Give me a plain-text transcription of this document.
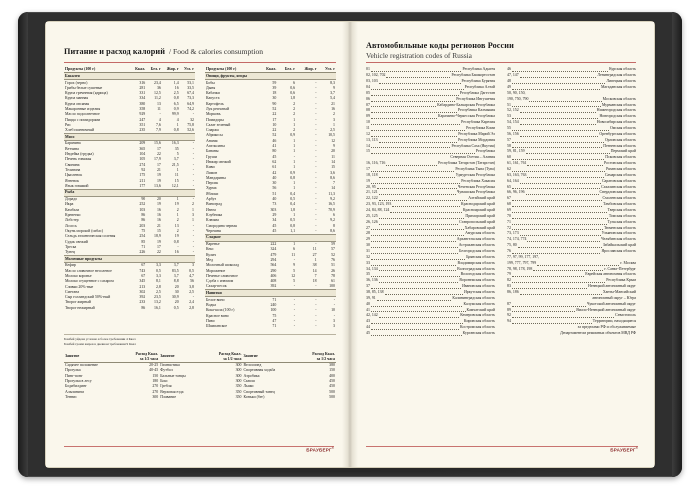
Питание и расход калорий / Food & calories consumption
Продукты (100 г)	Ккал.	Бел. г	Жир. г	Угл. г
Бакалея				
Горох (зерно)	316	23,4	1,4	53,1
Грибы белые сушеные	281	36	16	33,5
Крупа гречневая (ядрица)	331	12,5	2,5	67,4
Крупа манная	334	11,2	0,8	73,3
Крупа овсяная	380	13	6,5	64,9
Макаронные изделия	358	11	0,9	74,2
Масло подсолнечное	929	-	99,9	-
Пицца с помидорами	247	4	4	32
Рис	351	7,6	1	75,8
Хлеб пшеничный	235	7,9	0,8	52,6
Мясо				
Баранина	209	15,6	16,3	-
Ветчина	365	17	35	-
Индейка (грудка)	104	22	5	-
Печень говяжья	105	17,9	3,7	-
Свинина	274	17	21,5	-
Телятина	92	21	1	-
Цыпленок	175	19	11	-
Ягненок	211	19	15	-
Язык говяжий	177	13,6	12,1	-
Рыба				
Дорадо	90	20	1	-
Икра	252	19	19	2
Камбала	103	16	2	1
Креветки	86	16	1	3
Лобстер	86	16	2	1
Лосось	203	21	13	-
Окунь морской (сибас)	75	15	2	-
Сельдь атлантическая соленая	254	18,9	19	-
Судак свежий	85	19	0,8	-
Треска	71	17	-	-
Тунец	226	22	16	-
Молочные продукты				
Кефир	67	3,3	3,7	3
Масло сливочное несоленое	743	0,5	83,5	0,5
Молоко коровье	67	3,3	3,7	4,7
Молоко сгущенное с сахаром	345	8,1	8,8	56
Сливки 20%-ные	213	2,8	20	3,8
Сметана	302	2,5	30	2,5
Сыр голландский 50%-ный	392	23,5	30,9	-
Творог жирный	233	13,2	20	2,4
Творог нежирный	86	16,1	0,5	2,8
Продукты (100 г)	Ккал.	Бел. г	Жир. г	Угл. г
Овощи, фрукты, ягоды				
Бобы	59	6	-	8,3
Дыня	39	0,6	-	9
Кабачки	18	0,6	-	3,7
Капуста	30	1,8	-	5,4
Картофель	90	2	-	21
Лук репчатый	52	2	-	16
Морковь	22	2	-	2
Помидоры	17	1	-	3
Салат зеленый	10	1	-	1
Спаржа	22	2	-	2,5
Абрикосы	52	0,9	-	10,5
Ананас	46	1	-	12
Апельсины	41	1	-	9
Бананы	80	1	-	20
Груши	45	-	-	11
Инжир свежий	62	1	-	14
Киви	61	1	-	15
Лимон	42	0,9	-	3,6
Мандарины	40	0,8	-	8,6
Персик	30	1	-	7
Хурма	56	1	-	14
Яблоки	51	0,4	-	11,3
Арбуз	40	0,5	-	9,2
Виноград	73	0,4	-	16,5
Изюм	303	1,8	-	70,9
Клубника	29	1	-	6
Клюква	34	0,5	-	9,2
Смородина черная	45	0,8	-	8
Черешня	45	1,1	-	8,6
Сладкое				
Варенье	222	1	-	59
Кекс	324	6	11	57
Кулич	479	11	27	52
Мед	294	-	1	76
Молочный шоколад	564	9	38	51
Мороженое	290	5	14	26
Печенье сливочное	406	12	7	78
Сдоба с изюмом	408	5	18	61
Сахар-песок	392	-	-	100
Напитки				
Белое вино	71	-	-	-
Водка	240	-	-	-
Кока-кола (100 г)	100	-	-	10
Красное вино	75	-	-	-
Пиво	47	-	-	3
Шампанское	71	-	-	3
Бомбей уйдена условно в более требовании 4 Ккал
Бомбей грамм жиров в дневном требовании 9 Ккал
Занятие	Расход Ккал.
за 1/2 часа	Занятие	Расход Ккал.
за 1/2 часа	Занятие	Расход Ккал.
за 1/2 часа
Сидячее положение	20-25	Гимнастика	300	Велосипед	380
Прогулка	40-45	Футбол	300	Спортивная ходьба	150
Пинг-понг	150	Бальные танцы	300	Аэробика	400
Прогулка в лесу	180	Бокс	300	Сквош	450
Бодибилдинг	270	Гребля	350	Лыжи	450
Альпинизм	270	Верховая езда	350	Спортивный танец	500
Теннис	300	Плавание	350	Коньки (бег)	500
БРАУБЕРГ®
Автомобильные коды регионов России
Vehicle registration codes of Russia
01	Республика Адыгея
02, 102, 702	Республика Башкортостан
03, 103	Республика Бурятия
04	Республика Алтай
05	Республика Дагестан
06	Республика Ингушетия
07	Кабардино-Балкарская Республика
08	Республика Калмыкия
09	Карачаево-Черкесская Республика
10	Республика Карелия
11	Республика Коми
12	Республика Марий Эл
13, 113	Республика Мордовия
14	Республика Саха (Якутия)
15	Республика
Северная Осетия – Алания
16, 116, 716	Республика Татарстан (Татарстан)
17	Республика Тыва (Тува)
18, 118	Удмуртская Республика
19	Республика Хакасия
20, 95	Чеченская Республика
21, 121	Чувашская Республика
22, 122	Алтайский край
23, 93, 123, 193	Краснодарский край
24, 84, 88, 124	Красноярский край
25, 125	Приморский край
26, 126	Ставропольский край
27	Хабаровский край
28	Амурская область
29	Архангельская область
30	Астраханская область
31	Белгородская область
32	Брянская область
33	Владимирская область
34, 134	Волгоградская область
35	Вологодская область
36, 136	Воронежская область
37	Ивановская область
38, 85, 138	Иркутская область
39, 91	Калининградская область
40	Калужская область
41	Камчатский край
42, 142	Кемеровская область
43	Кировская область
44	Костромская область
45	Курганская область
46	Курская область
47, 147	Ленинградская область
48	Липецкая область
49	Магаданская область
50, 90, 150,
190, 750, 790	Московская область
51	Мурманская область
52, 152	Нижегородская область
53	Новгородская область
54, 154	Новосибирская область
55	Омская область
56, 156	Оренбургская область
57	Орловская область
58	Пензенская область
59, 81, 159	Пермский край
60	Псковская область
61, 161, 761	Ростовская область
62	Рязанская область
63, 163, 763	Самарская область
64, 164	Саратовская область
65	Сахалинская область
66, 96, 196	Свердловская область
67	Смоленская область
68	Тамбовская область
69	Тверская область
70	Томская область
71	Тульская область
72	Тюменская область
73, 173	Ульяновская область
74, 174, 774	Челябинская область
75, 80	Забайкальский край
76	Ярославская область
77, 97, 99, 177, 197,
199, 777, 797, 799	г. Москва
78, 98, 178, 198	г. Санкт-Петербург
79	Еврейская автономная область
82	Республика Крым
83	Ненецкий автономный округ
86, 186	Ханты-Мансийский
автономный округ – Югра
87	Чукотский автономный округ
89	Ямало-Ненецкий автономный округ
92	Севастополь
94	Территории, находящиеся
за пределами РФ и обслуживаемые
Департаментом режимных объектов МВД РФ
БРАУБЕРГ®
